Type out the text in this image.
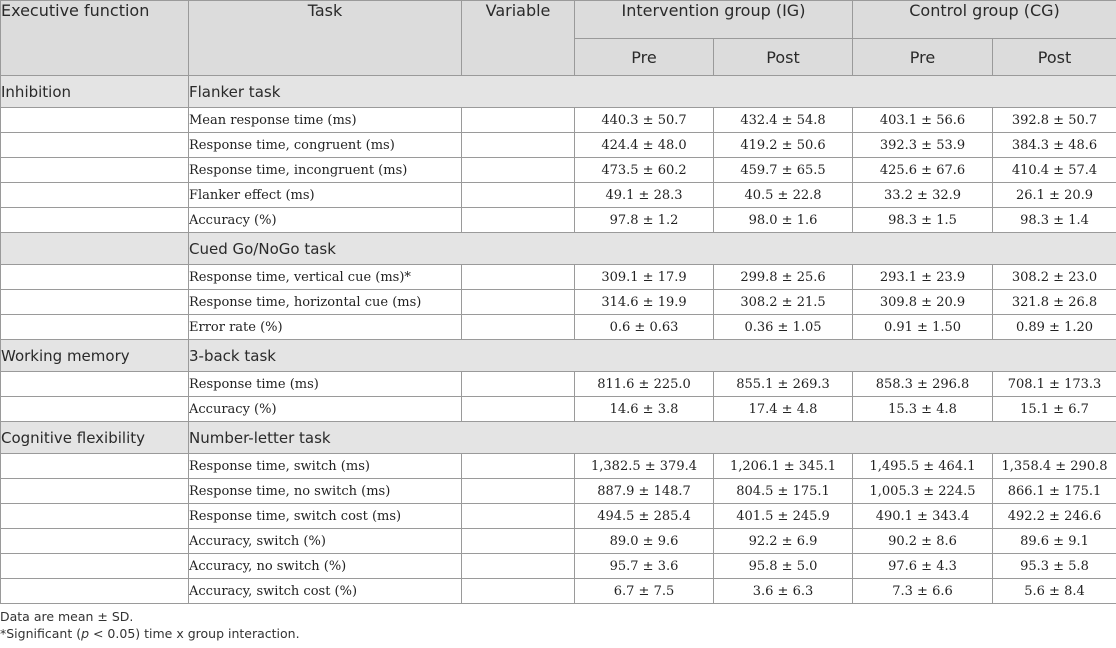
Executive function	Task	Variable	Intervention group (IG)		Control group (CG)	
			Pre	Post	Pre	Post
Inhibition	Flanker task					
	Mean response time (ms)		440.3 ± 50.7	432.4 ± 54.8	403.1 ± 56.6	392.8 ± 50.7
	Response time, congruent (ms)		424.4 ± 48.0	419.2 ± 50.6	392.3 ± 53.9	384.3 ± 48.6
	Response time, incongruent (ms)		473.5 ± 60.2	459.7 ± 65.5	425.6 ± 67.6	410.4 ± 57.4
	Flanker effect (ms)		49.1 ± 28.3	40.5 ± 22.8	33.2 ± 32.9	26.1 ± 20.9
	Accuracy (%)		97.8 ± 1.2	98.0 ± 1.6	98.3 ± 1.5	98.3 ± 1.4
	Cued Go/NoGo task					
	Response time, vertical cue (ms)*		309.1 ± 17.9	299.8 ± 25.6	293.1 ± 23.9	308.2 ± 23.0
	Response time, horizontal cue (ms)		314.6 ± 19.9	308.2 ± 21.5	309.8 ± 20.9	321.8 ± 26.8
	Error rate (%)		0.6 ± 0.63	0.36 ± 1.05	0.91 ± 1.50	0.89 ± 1.20
Working memory	3-back task					
	Response time (ms)		811.6 ± 225.0	855.1 ± 269.3	858.3 ± 296.8	708.1 ± 173.3
	Accuracy (%)		14.6 ± 3.8	17.4 ± 4.8	15.3 ± 4.8	15.1 ± 6.7
Cognitive flexibility	Number-letter task					
	Response time, switch (ms)		1,382.5 ± 379.4	1,206.1 ± 345.1	1,495.5 ± 464.1	1,358.4 ± 290.8
	Response time, no switch (ms)		887.9 ± 148.7	804.5 ± 175.1	1,005.3 ± 224.5	866.1 ± 175.1
	Response time, switch cost (ms)		494.5 ± 285.4	401.5 ± 245.9	490.1 ± 343.4	492.2 ± 246.6
	Accuracy, switch (%)		89.0 ± 9.6	92.2 ± 6.9	90.2 ± 8.6	89.6 ± 9.1
	Accuracy, no switch (%)		95.7 ± 3.6	95.8 ± 5.0	97.6 ± 4.3	95.3 ± 5.8
	Accuracy, switch cost (%)		6.7 ± 7.5	3.6 ± 6.3	7.3 ± 6.6	5.6 ± 8.4

Data are mean ± SD.

*Significant (p < 0.05) time x group interaction.
